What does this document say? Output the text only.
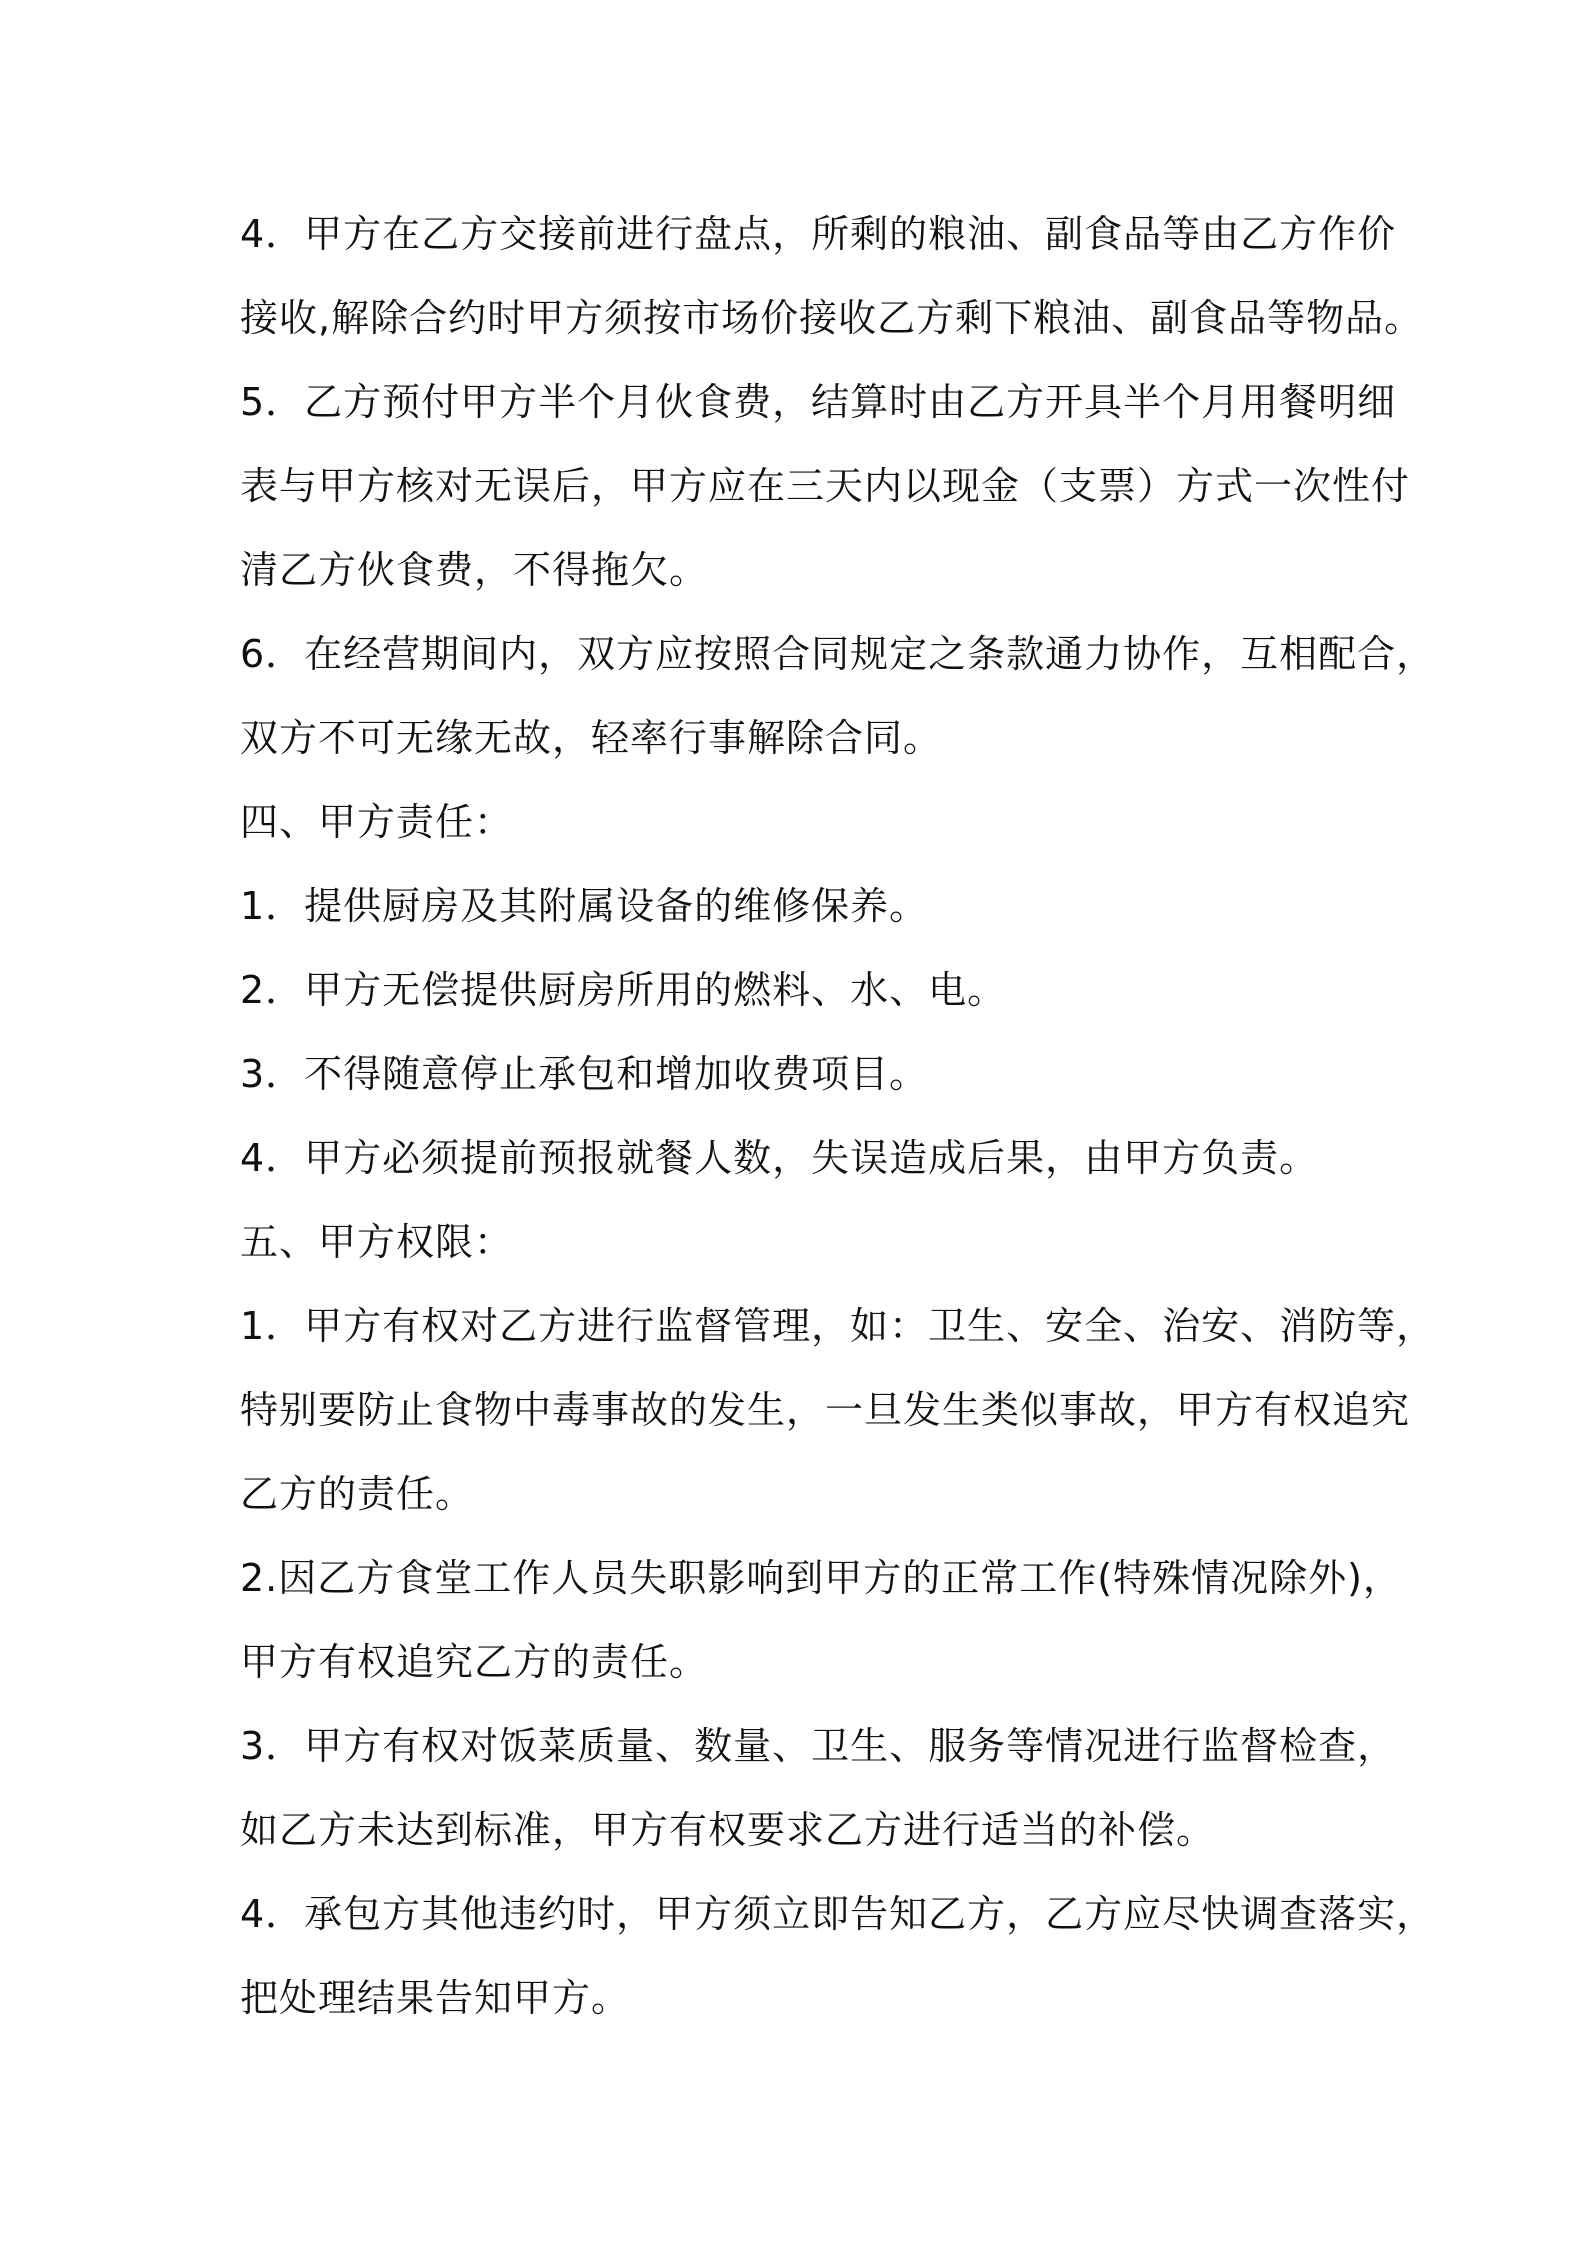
4．甲方在乙方交接前进行盘点，所剩的粮油、副食品等由乙方作价
接收,解除合约时甲方须按市场价接收乙方剩下粮油、副食品等物品。
5．乙方预付甲方半个月伙食费，结算时由乙方开具半个月用餐明细
表与甲方核对无误后，甲方应在三天内以现金（支票）方式一次性付
清乙方伙食费，不得拖欠。
6．在经营期间内，双方应按照合同规定之条款通力协作，互相配合，
双方不可无缘无故，轻率行事解除合同。
四、甲方责任：
1．提供厨房及其附属设备的维修保养。
2．甲方无偿提供厨房所用的燃料、水、电。
3．不得随意停止承包和增加收费项目。
4．甲方必须提前预报就餐人数，失误造成后果，由甲方负责。
五、甲方权限：
1．甲方有权对乙方进行监督管理，如：卫生、安全、治安、消防等，
特别要防止食物中毒事故的发生，一旦发生类似事故，甲方有权追究
乙方的责任。
2.因乙方食堂工作人员失职影响到甲方的正常工作(特殊情况除外)，
甲方有权追究乙方的责任。
3．甲方有权对饭菜质量、数量、卫生、服务等情况进行监督检查，
如乙方未达到标准，甲方有权要求乙方进行适当的补偿。
4．承包方其他违约时，甲方须立即告知乙方，乙方应尽快调查落实，
把处理结果告知甲方。
